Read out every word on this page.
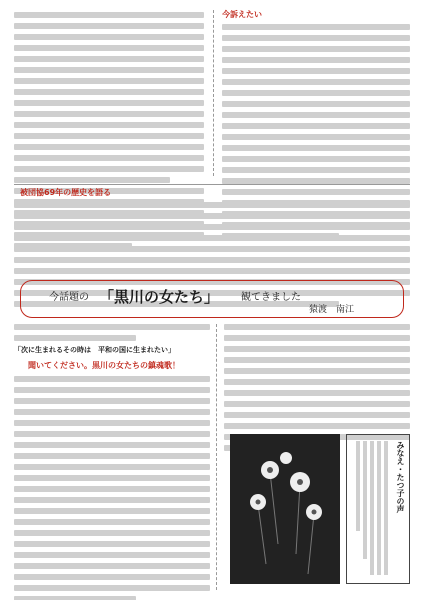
今訴えたい
被団協69年の歴史を語る
今話題の 「黒川の女たち」 観てきました
猿渡　南江
「次に生まれるその時は　平和の国に生まれたい」
聞いてください。黒川の女たちの鎮魂歌！
みなえ・たつ子の声
